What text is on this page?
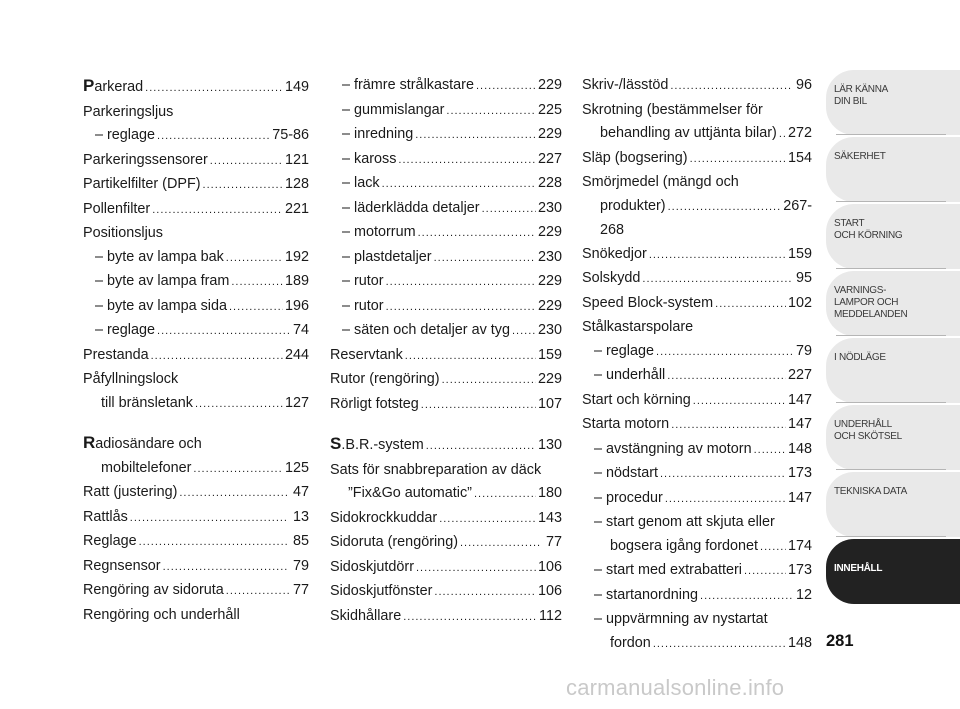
Parkerad .....	149
Parkeringsljus
– reglage .....	75-86
Parkeringssensorer .....	121
Partikelfilter (DPF) .....	128
Pollenfilter .....	221
Positionsljus
– byte av lampa bak .....	192
– byte av lampa fram .....	189
– byte av lampa sida .....	196
– reglage .....	74
Prestanda .....	244
Påfyllningslock
till bränsletank .....	127
Radiosändare och
mobiltelefoner .....	125
Ratt (justering) .....	47
Rattlås .....	13
Reglage .....	85
Regnsensor .....	79
Rengöring av sidoruta .....	77
Rengöring och underhåll
– främre strålkastare .....	229
– gummislangar .....	225
– inredning .....	229
– kaross .....	227
– lack .....	228
– läderklädda detaljer .....	230
– motorrum .....	229
– plastdetaljer .....	230
– rutor .....	229
– rutor .....	229
– säten och detaljer av tyg ..... 230
Reservtank .....	159
Rutor (rengöring) .....	229
Rörligt fotsteg .....	107
S.B.R.-system .....	130
Sats för snabbreparation av däck
”Fix&Go automatic” .....	180
Sidokrockkuddar .....	143
Sidoruta (rengöring) .....	77
Sidoskjutdörr .....	106
Sidoskjutfönster .....	106
Skidhållare .....	112
Skriv-/lässtöd .....	96
Skrotning (bestämmelser för
behandling av uttjänta bilar) ..... 272
Släp (bogsering) .....	154
Smörjmedel (mängd och
produkter) .....	267-
268
Snökedjor .....	159
Solskydd .....	95
Speed Block-system .....	102
Stålkastarspolare
– reglage .....	79
– underhåll .....	227
Start och körning .....	147
Starta motorn .....	147
– avstängning av motorn .....	148
– nödstart .....	173
– procedur .....	147
– start genom att skjuta eller
bogsera igång fordonet ..... 174
– start med extrabatteri .....	173
– startanordning .....	12
– uppvärmning av nystartat
fordon .....	148
LÄR KÄNNA
DIN BIL
SÄKERHET
START
OCH KÖRNING
VARNINGS-
LAMPOR OCH
MEDDELANDEN
I NÖDLÄGE
UNDERHÅLL
OCH SKÖTSEL
TEKNISKA DATA
INNEHÅLL
281
carmanualsonline.info
